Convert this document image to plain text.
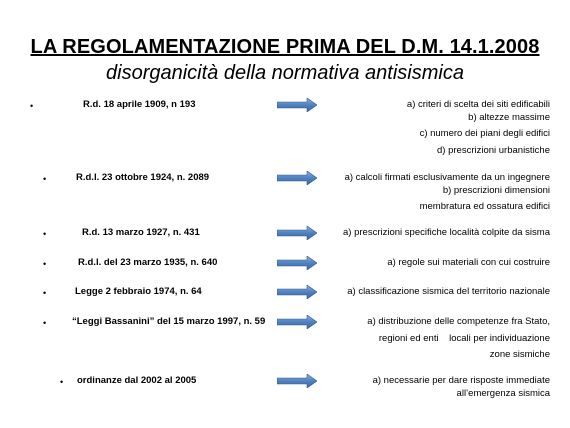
LA REGOLAMENTAZIONE PRIMA DEL D.M. 14.1.2008
disorganicità della normativa antisismica
•	R.d. 18 aprile 1909, n 193	a) criteri di scelta dei siti edificabili
b) altezze massime
c) numero dei piani degli edifici
d) prescrizioni urbanistiche
•	R.d.l. 23 ottobre 1924, n. 2089	a) calcoli firmati esclusivamente da un ingegnere
b) prescrizioni dimensioni
membratura ed ossatura edifici
•	R.d. 13 marzo 1927, n. 431	a) prescrizioni specifiche località colpite da sisma
•	R.d.l. del 23 marzo 1935, n. 640	a) regole sui materiali con cui costruire
•	Legge 2 febbraio 1974, n. 64	a) classificazione sismica del territorio nazionale
•	“Leggi Bassanini” del 15 marzo 1997, n. 59	a) distribuzione delle competenze fra Stato,
regioni ed enti    locali per individuazione
zone sismiche
• ordinanze dal 2002 al 2005	a) necessarie per dare risposte immediate
all’emergenza sismica
